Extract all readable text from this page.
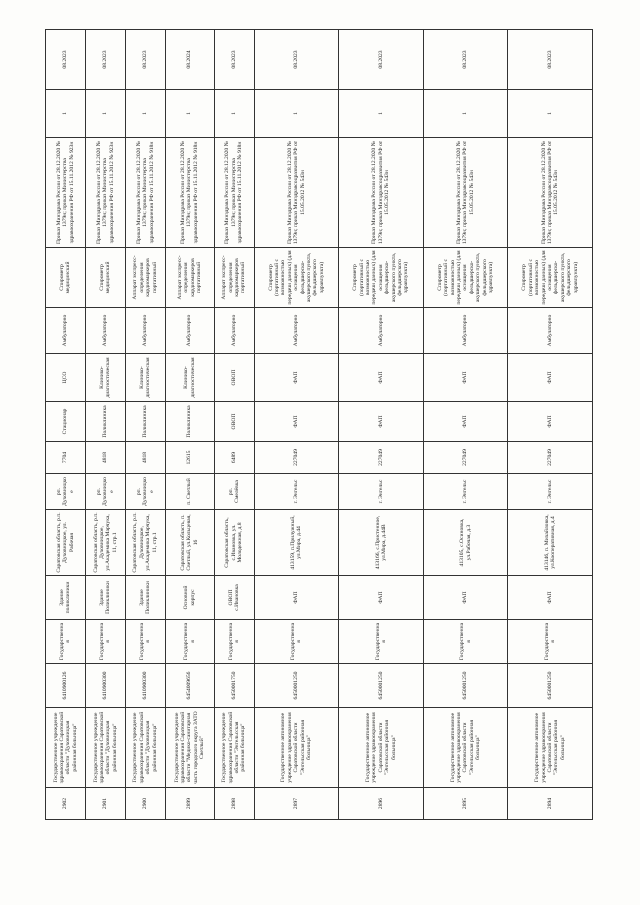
2902	Государственное учреждение здравоохранения Саратовской области "Духовницкая районная больница"	6410900126	Государственная	Здание поликлиники	Саратовская область, р.п. Духовницкое, ул. Рабочая	рп. Духовницкое	7704	Стационар	ЦСО	Амбулаторно	Спирометр медицинский	Приказ Минздрава России от 28.12.2020 № 1379н; приказ Министерства здравоохранения РФ от 15.11.2012 № 923н	1	08.2023
2901	Государственное учреждение здравоохранения Саратовской области "Духовницкая районная больница"	6410900300	Государственная	Здание Поликлиники	Саратовская область, р.п. Духовницкое, ул.Академика Марчука, 11, стр.1	рп. Духовницкое	4818	Поликлиника	Клинико-диагностическая	Амбулаторно	Спирометр медицинский	Приказ Минздрава России от 28.12.2020 № 1379н; приказ Министерства здравоохранения РФ от 15.11.2012 № 923н	1	08.2023
2900	Государственное учреждение здравоохранения Саратовской области "Духовницкая районная больница"	6410900300	Государственная	Здание Поликлиники	Саратовская область, р.п. Духовницкое, ул.Академика Марчука, 11, стр.1	рп. Духовницкое	4818	Поликлиника	Клинико-диагностическая	Амбулаторно	Аппарат экспресс-определения кардиомаркеров портативный	Приказ Минздрава России от 28.12.2020 № 1379н; приказ Министерства здравоохранения РФ от 15.11.2012 № 918н	1	08.2023
2899	Государственное учреждение здравоохранения Саратовской области "Медико-санитарная часть городского округа ЗАТО Светлый"	6454009656	Государственная	Основной корпус	Саратовская область, п. Светлый, ул.Кольцевая, 16	п. Светлый	12615	Поликлиника	Клинико-диагностическая	Амбулаторно	Аппарат экспресс-определения кардиомаркеров портативный	Приказ Минздрава России от 28.12.2020 № 1379н; приказ Министерства здравоохранения РФ от 15.11.2012 № 918н	1	08.2024
2898	Государственное учреждение здравоохранения Саратовской области "Энгельсская районная больница"	6450001750	Государственная	ОВОП с.Ивановка	Саратовская область, с.Ивановка, ул. Молодежная, д.8	рп. Смелёвка	6489	ОВОП	ОВОП	Амбулаторно	Аппарат экспресс-определения кардиомаркеров портативный	Приказ Минздрава России от 28.12.2020 № 1379н; приказ Министерства здравоохранения РФ от 15.11.2012 № 918н	1	08.2023
2897	Государственное автономное учреждение здравоохранения Саратовской области "Энгельсская районная больница"	6450001250	Государственная	ФАП	413159, п.Прилужный, ул.Мира, д.44	г. Энгельс	227049	ФАП	ФАП	Амбулаторно	Спирометр (портативный с возможностью передачи данных) (для оснащения фельдшерско-акушерского пункта, фельдшерского здравпункта)	Приказ Минздрава России от 28.12.2020 № 1379н; приказ Минздравсоцразвития РФ от 15.05.2012 № 543н	1	08.2023
2896	Государственное автономное учреждение здравоохранения Саратовской области "Энгельсская районная больница"	6450001250	Государственная	ФАП	413166, с.Пристенное, ул.Мира, д.44В	г. Энгельс	227049	ФАП	ФАП	Амбулаторно	Спирометр (портативный с возможностью передачи данных) (для оснащения фельдшерско-акушерского пункта, фельдшерского здравпункта)	Приказ Минздрава России от 28.12.2020 № 1379н; приказ Минздравсоцразвития РФ от 15.05.2012 № 543н	1	08.2023
2895	Государственное автономное учреждение здравоохранения Саратовской области "Энгельсская районная больница"	6450001250	Государственная	ФАП	413105, с.Осиновка, ул.Рабочая, д.3	г. Энгельс	227049	ФАП	ФАП	Амбулаторно	Спирометр (портативный с возможностью передачи данных) (для оснащения фельдшерско-акушерского пункта, фельдшерского здравпункта)	Приказ Минздрава России от 28.12.2020 № 1379н; приказ Минздравсоцразвития РФ от 15.05.2012 № 543н	1	08.2023
2894	Государственное автономное учреждение здравоохранения Саратовской области "Энгельсская районная больница"	6450001250	Государственная	ФАП	413146, п. Михайловка, ул.Кооперативная, д.4	г. Энгельс	227049	ФАП	ФАП	Амбулаторно	Спирометр (портативный с возможностью передачи данных) (для оснащения фельдшерско-акушерского пункта, фельдшерского здравпункта)	Приказ Минздрава России от 28.12.2020 № 1379н; приказ Минздравсоцразвития РФ от 15.05.2012 № 543н	1	08.2023
